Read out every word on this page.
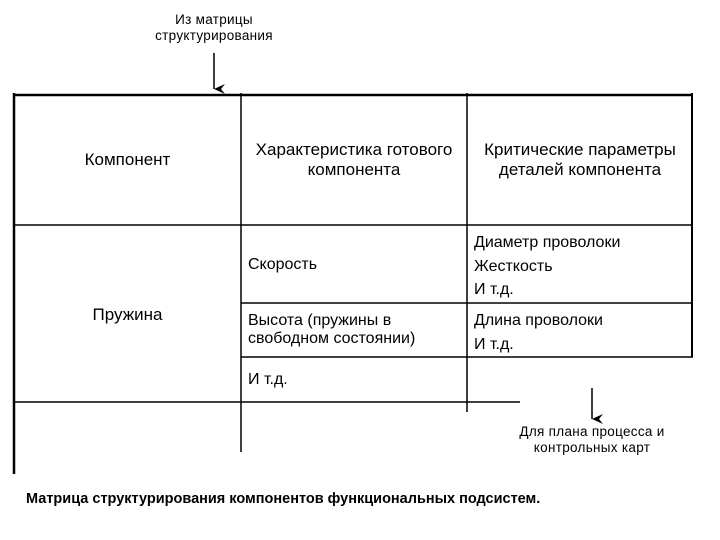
Из матрицы
структурирования
Компонент
Характеристика готового
компонента
Критические параметры
деталей компонента
Пружина
Скорость
Высота (пружины в
свободном состоянии)
И т.д.
Диаметр проволоки
Жесткость
И т.д.
Длина проволоки
И т.д.
Для плана процесса и
контрольных карт
Матрица структурирования компонентов функциональных подсистем.
